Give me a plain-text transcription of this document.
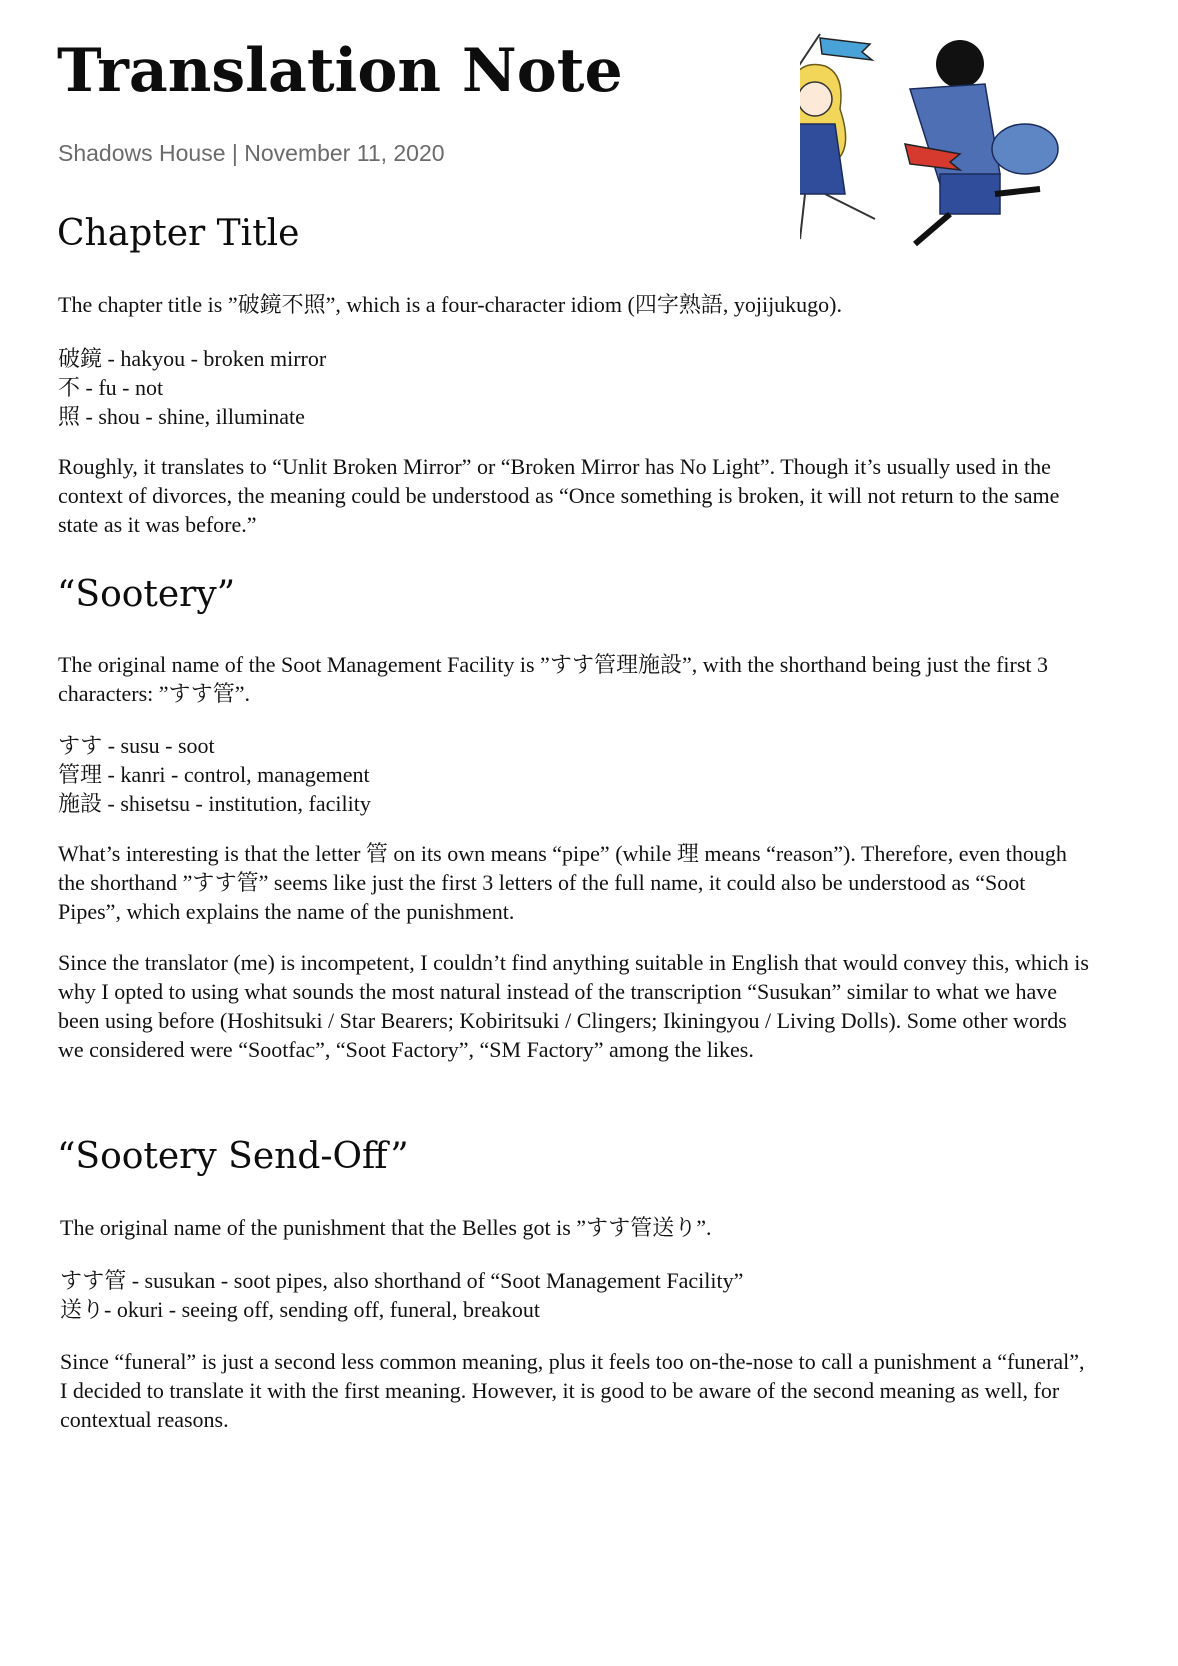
Translation Note
Shadows House | November 11, 2020
Chapter Title

The chapter title is ”破鏡不照”, which is a four-character idiom (四字熟語, yojijukugo).

破鏡 - hakyou - broken mirror
不 - fu - not
照 - shou - shine, illuminate

Roughly, it translates to “Unlit Broken Mirror” or “Broken Mirror has No Light”. Though it’s usually used in the context of divorces, the meaning could be understood as “Once something is broken, it will not return to the same state as it was before.”

“Sootery”

The original name of the Soot Management Facility is ”すす管理施設”, with the shorthand being just the first 3 characters: ”すす管”.

すす - susu - soot
管理 - kanri - control, management
施設 - shisetsu - institution, facility

What’s interesting is that the letter 管 on its own means “pipe” (while 理 means “reason”). Therefore, even though the shorthand ”すす管” seems like just the first 3 letters of the full name, it could also be understood as “Soot Pipes”, which explains the name of the punishment.

Since the translator (me) is incompetent, I couldn’t find anything suitable in English that would convey this, which is why I opted to using what sounds the most natural instead of the transcription “Susukan” similar to what we have been using before (Hoshitsuki / Star Bearers; Kobiritsuki / Clingers; Ikiningyou / Living Dolls). Some other words we considered were “Sootfac”, “Soot Factory”, “SM Factory” among the likes.

“Sootery Send-Off”

The original name of the punishment that the Belles got is ”すす管送り”.

すす管 - susukan - soot pipes, also shorthand of “Soot Management Facility”
送り- okuri - seeing off, sending off, funeral, breakout

Since “funeral” is just a second less common meaning, plus it feels too on-the-nose to call a punishment a “funeral”, I decided to translate it with the first meaning. However, it is good to be aware of the second meaning as well, for contextual reasons.
